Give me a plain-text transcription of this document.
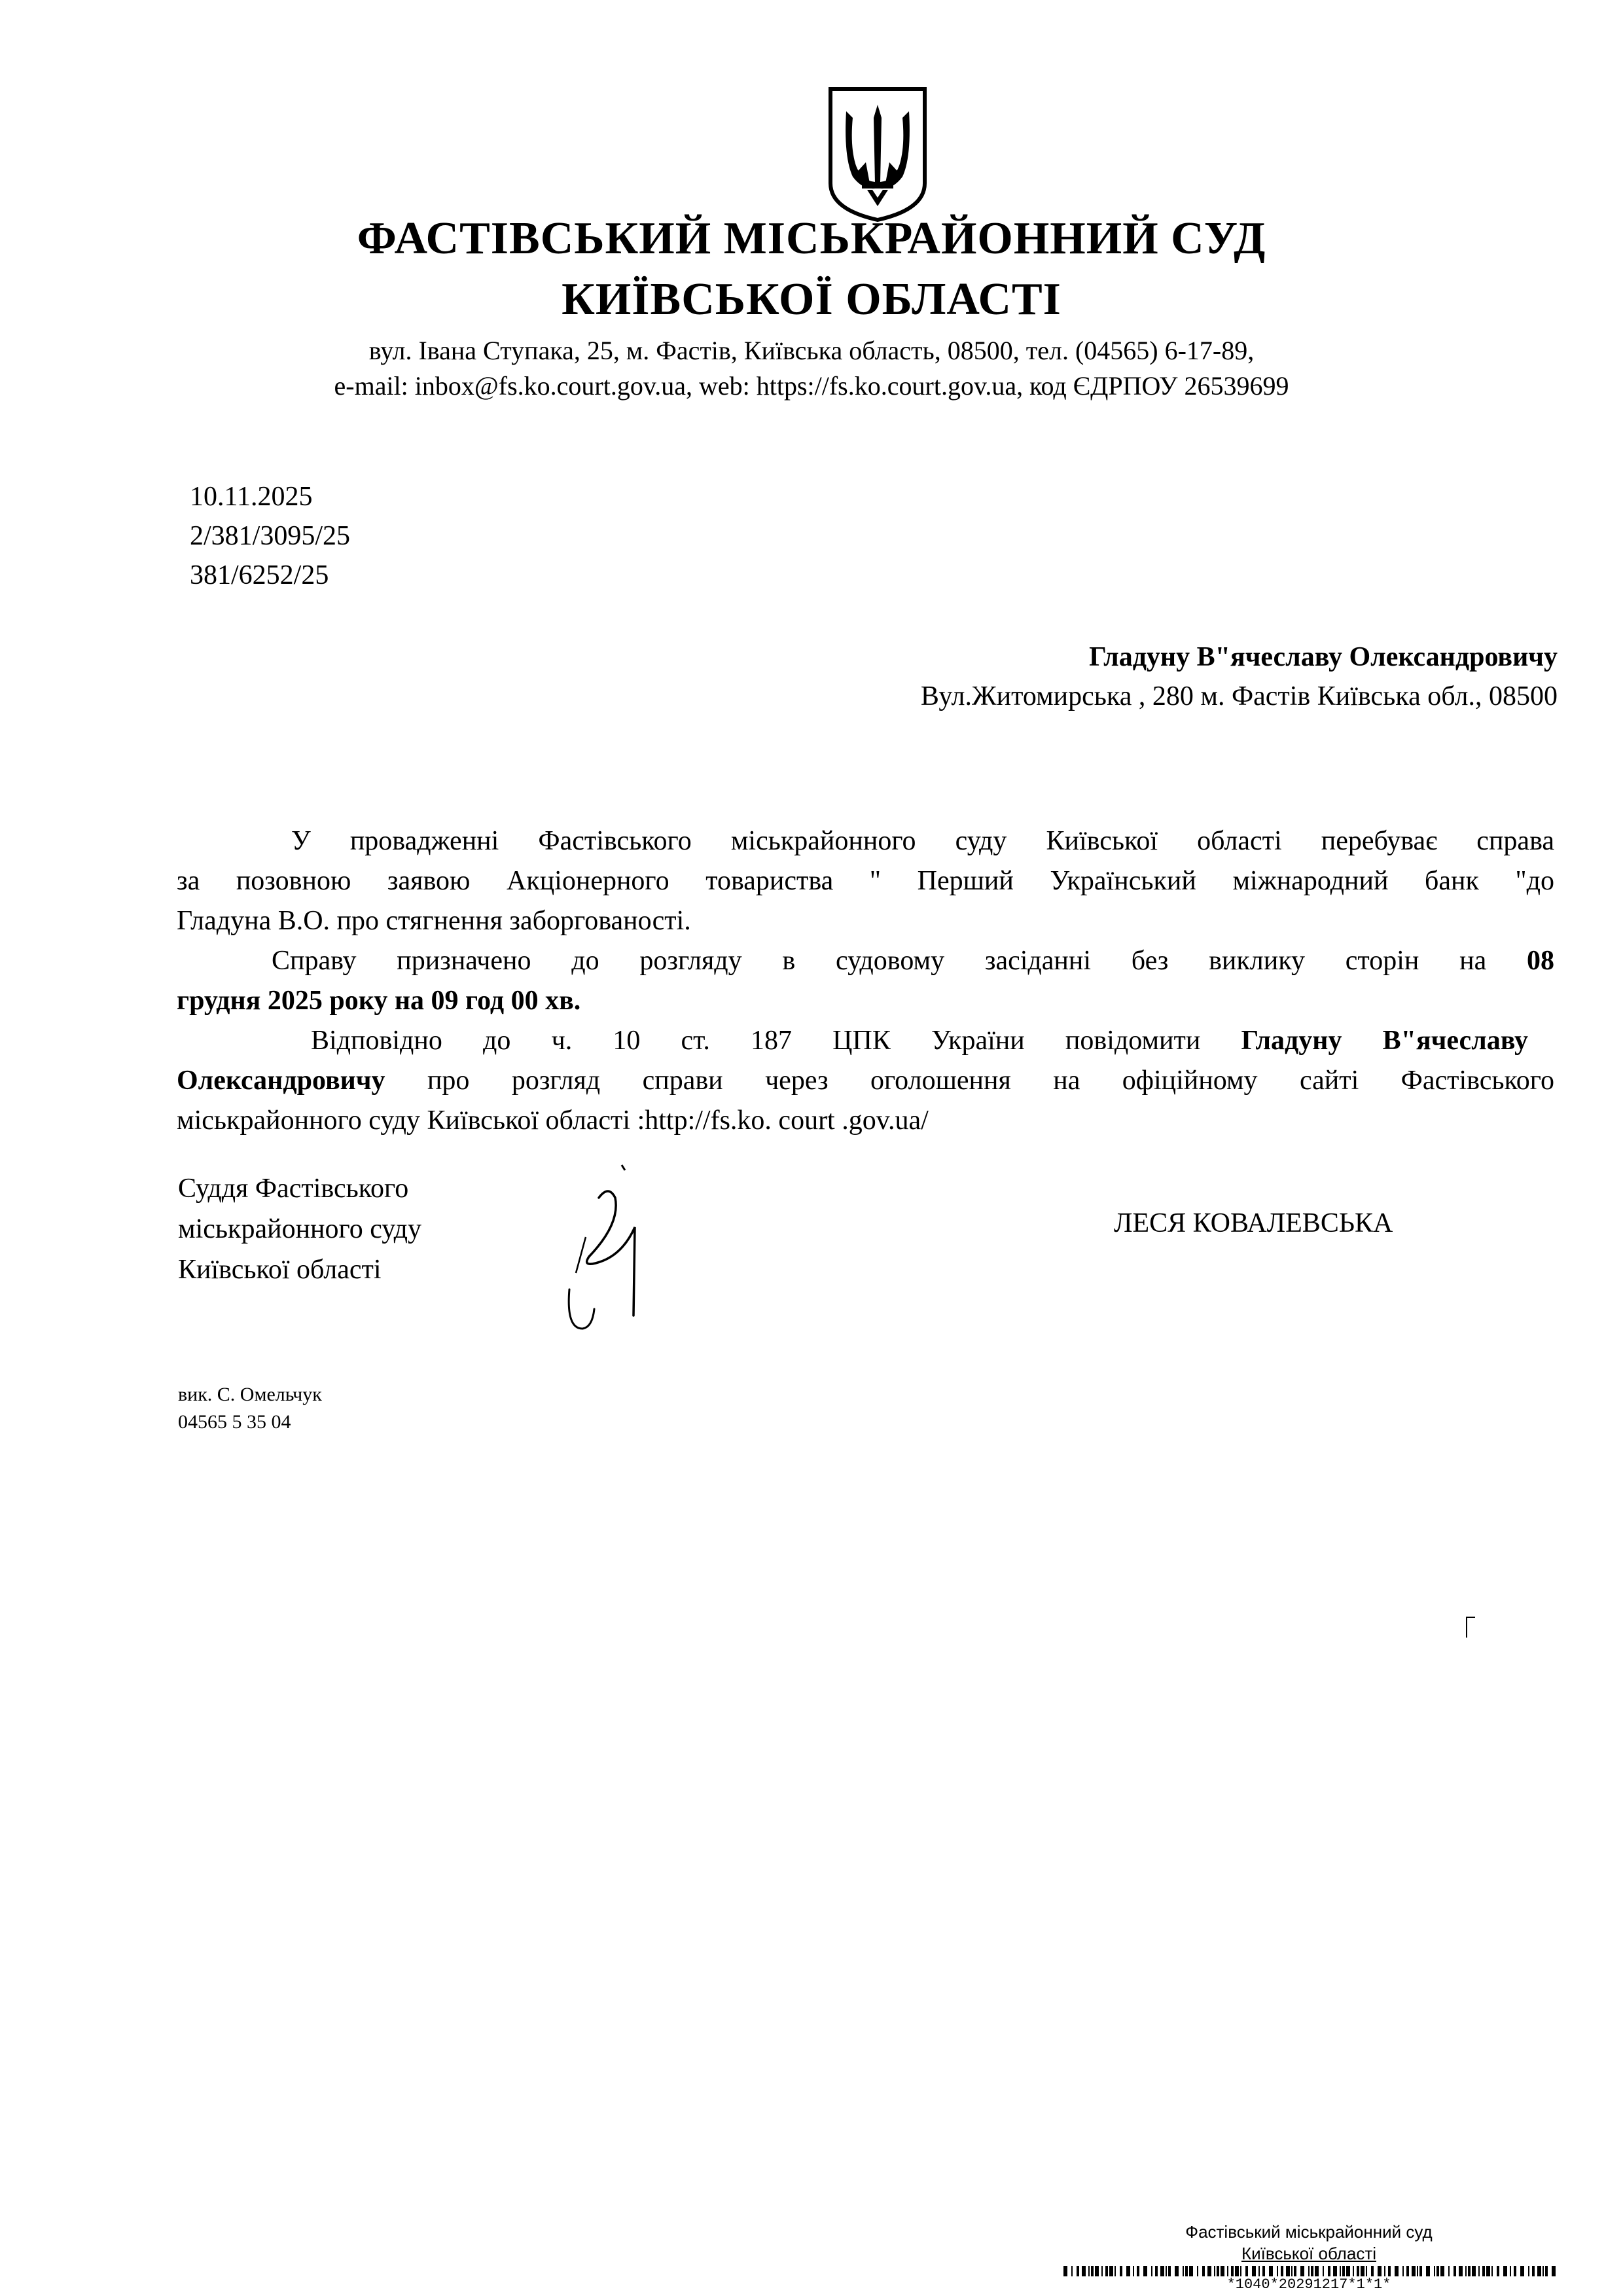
ФАСТІВСЬКИЙ МІСЬКРАЙОННИЙ СУД
КИЇВСЬКОЇ ОБЛАСТІ
вул. Івана Ступака, 25, м. Фастів, Київська область, 08500, тел. (04565) 6-17-89,
e-mail: inbox@fs.ko.court.gov.ua, web: https://fs.ko.court.gov.ua, код ЄДРПОУ 26539699
10.11.2025
2/381/3095/25
381/6252/25
Гладуну В"ячеславу Олександровичу
Вул.Житомирська , 280 м. Фастів Київська обл., 08500
У провадженні Фастівського міськрайонного суду Київської області перебуває справа
за позовною заявою Акціонерного товариства " Перший Український міжнародний банк "до
Гладуна В.О. про стягнення заборгованості.
Справу призначено до розгляду в судовому засіданні без виклику сторін на 08
грудня 2025 року на 09 год 00 хв.
Відповідно до ч. 10 ст. 187 ЦПК України повідомити Гладуну В"ячеславу
Олександровичу про розгляд справи через оголошення на офіційному сайті Фастівського
міськрайонного суду Київської області :http://fs.ko. court .gov.ua/
Суддя Фастівського
міськрайонного суду
Київської області
ЛЕСЯ КОВАЛЕВСЬКА
вик. С. Омельчук
04565 5 35 04
Фастівський міськрайонний суд
Київської області
*1040*20291217*1*1*
